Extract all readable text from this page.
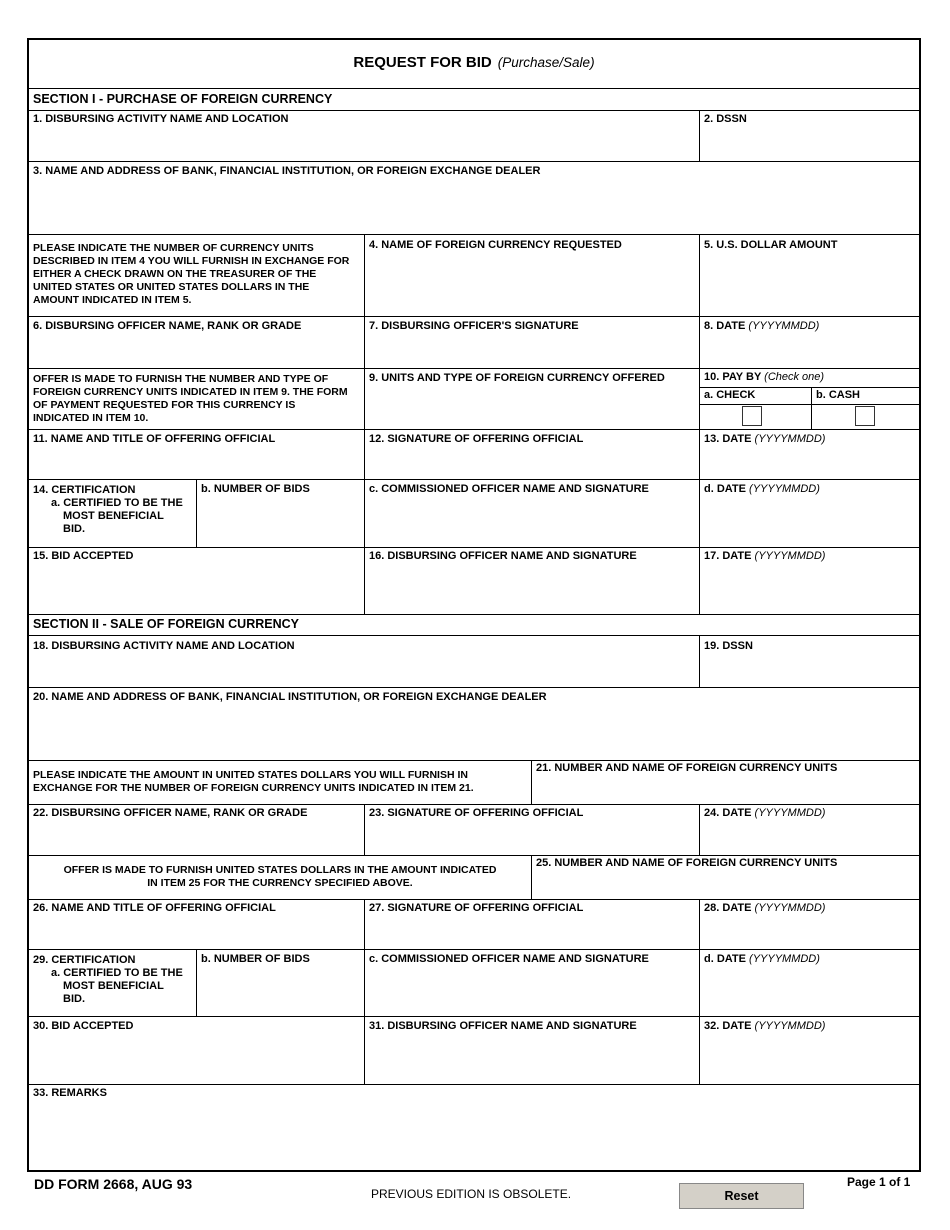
REQUEST FOR BID (Purchase/Sale)
SECTION I - PURCHASE OF FOREIGN CURRENCY
1. DISBURSING ACTIVITY NAME AND LOCATION	2. DSSN
3. NAME AND ADDRESS OF BANK, FINANCIAL INSTITUTION, OR FOREIGN EXCHANGE DEALER
PLEASE INDICATE THE NUMBER OF CURRENCY UNITS
DESCRIBED IN ITEM 4 YOU WILL FURNISH IN EXCHANGE FOR
EITHER A CHECK DRAWN ON THE TREASURER OF THE
UNITED STATES OR UNITED STATES DOLLARS IN THE
AMOUNT INDICATED IN ITEM 5.
4. NAME OF FOREIGN CURRENCY REQUESTED	5. U.S. DOLLAR AMOUNT
6. DISBURSING OFFICER NAME, RANK OR GRADE	7. DISBURSING OFFICER'S SIGNATURE	8. DATE (YYYYMMDD)
OFFER IS MADE TO FURNISH THE NUMBER AND TYPE OF
FOREIGN CURRENCY UNITS INDICATED IN ITEM 9. THE FORM
OF PAYMENT REQUESTED FOR THIS CURRENCY IS
INDICATED IN ITEM 10.
9. UNITS AND TYPE OF FOREIGN CURRENCY OFFERED	10. PAY BY (Check one)
a. CHECK	b. CASH
11. NAME AND TITLE OF OFFERING OFFICIAL	12. SIGNATURE OF OFFERING OFFICIAL	13. DATE (YYYYMMDD)
14. CERTIFICATION
a. CERTIFIED TO BE THE
MOST BENEFICIAL
BID.
b. NUMBER OF BIDS	c. COMMISSIONED OFFICER NAME AND SIGNATURE	d. DATE (YYYYMMDD)
15. BID ACCEPTED	16. DISBURSING OFFICER NAME AND SIGNATURE	17. DATE (YYYYMMDD)
SECTION II - SALE OF FOREIGN CURRENCY
18. DISBURSING ACTIVITY NAME AND LOCATION	19. DSSN
20. NAME AND ADDRESS OF BANK, FINANCIAL INSTITUTION, OR FOREIGN EXCHANGE DEALER
PLEASE INDICATE THE AMOUNT IN UNITED STATES DOLLARS YOU WILL FURNISH IN
EXCHANGE FOR THE NUMBER OF FOREIGN CURRENCY UNITS INDICATED IN ITEM 21.
21. NUMBER AND NAME OF FOREIGN CURRENCY UNITS
22. DISBURSING OFFICER NAME, RANK OR GRADE	23. SIGNATURE OF OFFERING OFFICIAL	24. DATE (YYYYMMDD)
OFFER IS MADE TO FURNISH UNITED STATES DOLLARS IN THE AMOUNT INDICATED
IN ITEM 25 FOR THE CURRENCY SPECIFIED ABOVE.
25. NUMBER AND NAME OF FOREIGN CURRENCY UNITS
26. NAME AND TITLE OF OFFERING OFFICIAL	27. SIGNATURE OF OFFERING OFFICIAL	28. DATE (YYYYMMDD)
29. CERTIFICATION
a. CERTIFIED TO BE THE
MOST BENEFICIAL
BID.
b. NUMBER OF BIDS	c. COMMISSIONED OFFICER NAME AND SIGNATURE	d. DATE (YYYYMMDD)
30. BID ACCEPTED	31. DISBURSING OFFICER NAME AND SIGNATURE	32. DATE (YYYYMMDD)
33. REMARKS
DD FORM 2668, AUG 93
PREVIOUS EDITION IS OBSOLETE.
Page 1 of 1
Reset
